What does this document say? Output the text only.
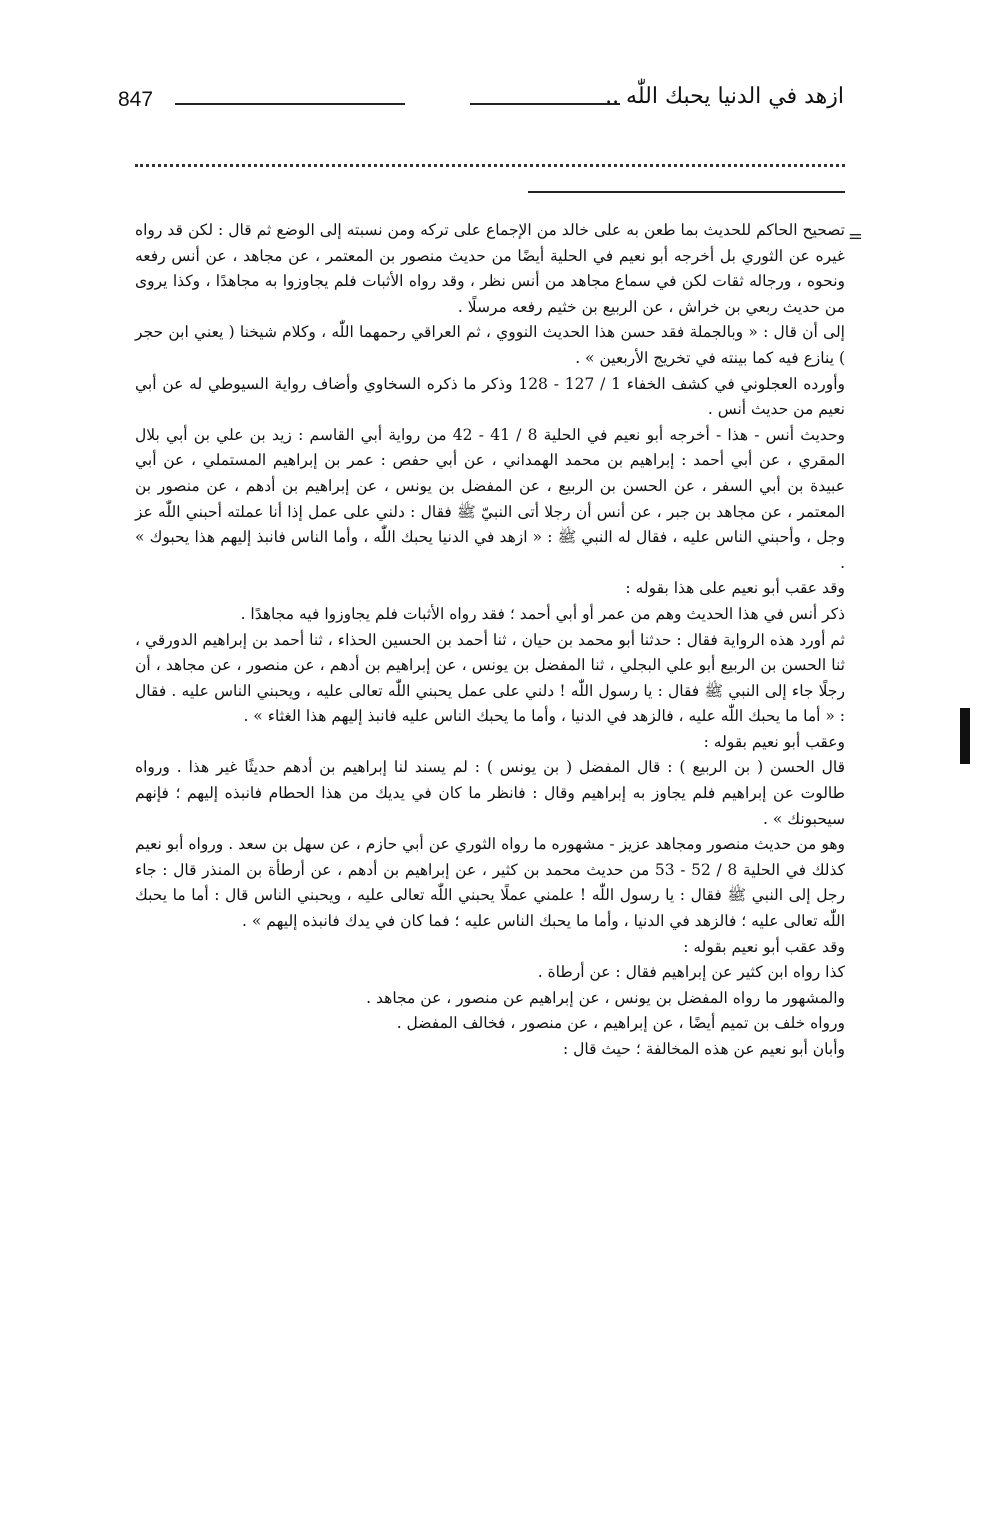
847	ازهد في الدنيا يحبك اللّٰه ..
=

تصحيح الحاكم للحديث بما طعن به على خالد من الإجماع على تركه ومن نسبته إلى الوضع ثم قال : لكن قد رواه غيره عن الثوري بل أخرجه أبو نعيم في الحلية أيضًا من حديث منصور بن المعتمر ، عن مجاهد ، عن أنس رفعه ونحوه ، ورجاله ثقات لكن في سماع مجاهد من أنس نظر ، وقد رواه الأثبات فلم يجاوزوا به مجاهدًا ، وكذا يروى من حديث ربعي بن خراش ، عن الربيع بن خثيم رفعه مرسلًا .

إلى أن قال : « وبالجملة فقد حسن هذا الحديث النووي ، ثم العراقي رحمهما اللّٰه ، وكلام شيخنا ( يعني ابن حجر ) ينازع فيه كما بينته في تخريج الأربعين » .

وأورده العجلوني في كشف الخفاء 1 / 127 - 128 وذكر ما ذكره السخاوي وأضاف رواية السيوطي له عن أبي نعيم من حديث أنس .

وحديث أنس - هذا - أخرجه أبو نعيم في الحلية 8 / 41 - 42 من رواية أبي القاسم : زيد بن علي بن أبي بلال المقري ، عن أبي أحمد : إبراهيم بن محمد الهمداني ، عن أبي حفص : عمر بن إبراهيم المستملي ، عن أبي عبيدة بن أبي السفر ، عن الحسن بن الربيع ، عن المفضل بن يونس ، عن إبراهيم بن أدهم ، عن منصور بن المعتمر ، عن مجاهد بن جبر ، عن أنس أن رجلا أتى النبيّ ﷺ فقال : دلني على عمل إذا أنا عملته أحبني اللّٰه عز وجل ، وأحبني الناس عليه ، فقال له النبي ﷺ : « ازهد في الدنيا يحبك اللّٰه ، وأما الناس فانبذ إليهم هذا يحبوك » .

وقد عقب أبو نعيم على هذا بقوله :

ذكر أنس في هذا الحديث وهم من عمر أو أبي أحمد ؛ فقد رواه الأثبات فلم يجاوزوا فيه مجاهدًا .

ثم أورد هذه الرواية فقال : حدثنا أبو محمد بن حيان ، ثنا أحمد بن الحسين الحذاء ، ثنا أحمد بن إبراهيم الدورقي ، ثنا الحسن بن الربيع أبو علي البجلي ، ثنا المفضل بن يونس ، عن إبراهيم بن أدهم ، عن منصور ، عن مجاهد ، أن رجلًا جاء إلى النبي ﷺ فقال : يا رسول اللّٰه ! دلني على عمل يحبني اللّٰه تعالى عليه ، ويحبني الناس عليه . فقال : « أما ما يحبك اللّٰه عليه ، فالزهد في الدنيا ، وأما ما يحبك الناس عليه فانبذ إليهم هذا الغثاء » .

وعقب أبو نعيم بقوله :

قال الحسن ( بن الربيع ) : قال المفضل ( بن يونس ) : لم يسند لنا إبراهيم بن أدهم حديثًا غير هذا . ورواه طالوت عن إبراهيم فلم يجاوز به إبراهيم وقال : فانظر ما كان في يديك من هذا الحطام فانبذه إليهم ؛ فإنهم سيحبونك » .

وهو من حديث منصور ومجاهد عزيز - مشهوره ما رواه الثوري عن أبي حازم ، عن سهل بن سعد . ورواه أبو نعيم كذلك في الحلية 8 / 52 - 53 من حديث محمد بن كثير ، عن إبراهيم بن أدهم ، عن أرطأة بن المنذر قال : جاء رجل إلى النبي ﷺ فقال : يا رسول اللّٰه ! علمني عملًا يحبني اللّٰه تعالى عليه ، ويحبني الناس قال : أما ما يحبك اللّٰه تعالى عليه ؛ فالزهد في الدنيا ، وأما ما يحبك الناس عليه ؛ فما كان في يدك فانبذه إليهم » .

وقد عقب أبو نعيم بقوله :

كذا رواه ابن كثير عن إبراهيم فقال : عن أرطاة .

والمشهور ما رواه المفضل بن يونس ، عن إبراهيم عن منصور ، عن مجاهد .

ورواه خلف بن تميم أيضًا ، عن إبراهيم ، عن منصور ، فخالف المفضل .

وأبان أبو نعيم عن هذه المخالفة ؛ حيث قال :
